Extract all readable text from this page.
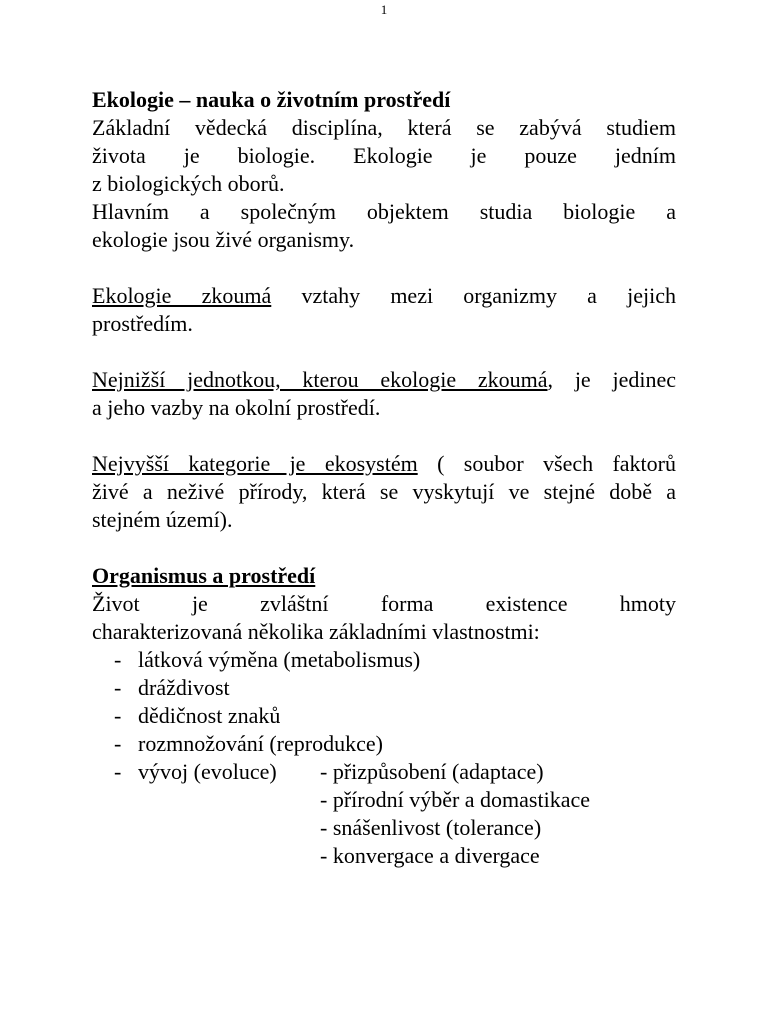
1

Ekologie – nauka o životním prostředí

Základní vědecká disciplína, která se zabývá studiem
života je biologie. Ekologie je pouze jedním
z biologických oborů.
Hlavním a společným objektem studia biologie a
ekologie jsou živé organismy.
Ekologie zkoumá vztahy mezi organizmy a jejich
prostředím.
Nejnižší jednotkou, kterou ekologie zkoumá, je jedinec
a jeho vazby na okolní prostředí.
Nejvyšší kategorie je ekosystém ( soubor všech faktorů
živé a neživé přírody, která se vyskytují ve stejné době a
stejném území).

Organismus a prostředí

Život je zvláštní forma existence hmoty
charakterizovaná několika základními vlastnostmi:
- látková výměna (metabolismus)
- dráždivost
- dědičnost znaků
- rozmnožování (reprodukce)
- vývoj (evoluce) - přizpůsobení (adaptace)
- přírodní výběr a domastikace
- snášenlivost (tolerance)
- konvergace a divergace
